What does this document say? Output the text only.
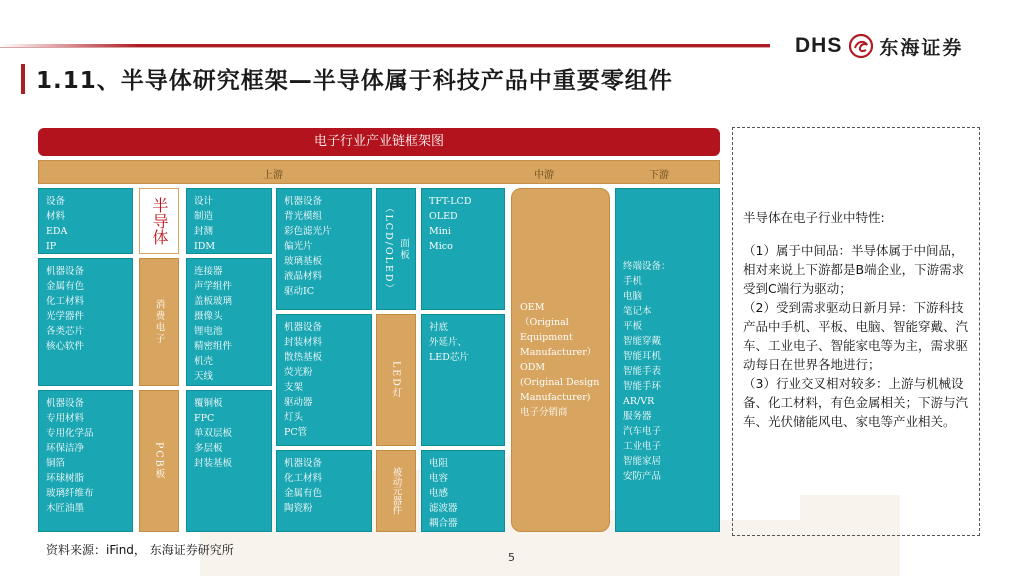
DHS 东海证券
1.11、半导体研究框架—半导体属于科技产品中重要零组件
电子行业产业链框架图
上游	中游	下游
设备
材料
EDA
IP
机器设备
金属有色
化工材料
光学器件
各类芯片
核心软件
机器设备
专用材料
专用化学品
环保洁净
铜箔
环球树脂
玻璃纤维布
木匠油墨
半导体
消费电子
PCB板
设计
制造
封测
IDM
连接器
声学组件
盖板玻璃
摄像头
锂电池
精密组件
机壳
天线
覆铜板
FPC
单双层板
多层板
封装基板
机器设备
背光模组
彩色滤光片
偏光片
玻璃基板
液晶材料
驱动IC
机器设备
封装材料
散热基板
荧光粉
支架
驱动器
灯头
PC管
机器设备
化工材料
金属有色
陶瓷粉
面板（LCD/OLED）
LED灯
被动元器件
TFT-LCD
OLED
Mini
Mico
衬底
外延片、
LED芯片
电阻
电容
电感
滤波器
耦合器
OEM
（Original
Equipment
Manufacturer）
ODM
(Original Design
Manufacturer)
电子分销商
终端设备：
手机
电脑
笔记本
平板
智能穿戴
智能耳机
智能手表
智能手环
AR/VR
服务器
汽车电子
工业电子
智能家居
安防产品

半导体在电子行业中特性:

（1）属于中间品：半导体属于中间品，相对来说上下游都是B端企业，下游需求受到C端行为驱动；

（2）受到需求驱动日新月异：下游科技产品中手机、平板、电脑、智能穿戴、汽车、工业电子、智能家电等为主，需求驱动每日在世界各地进行；

（3）行业交叉相对较多：上游与机械设备、化工材料，有色金属相关；下游与汽车、光伏储能风电、家电等产业相关。

资料来源：iFind， 东海证券研究所
5
